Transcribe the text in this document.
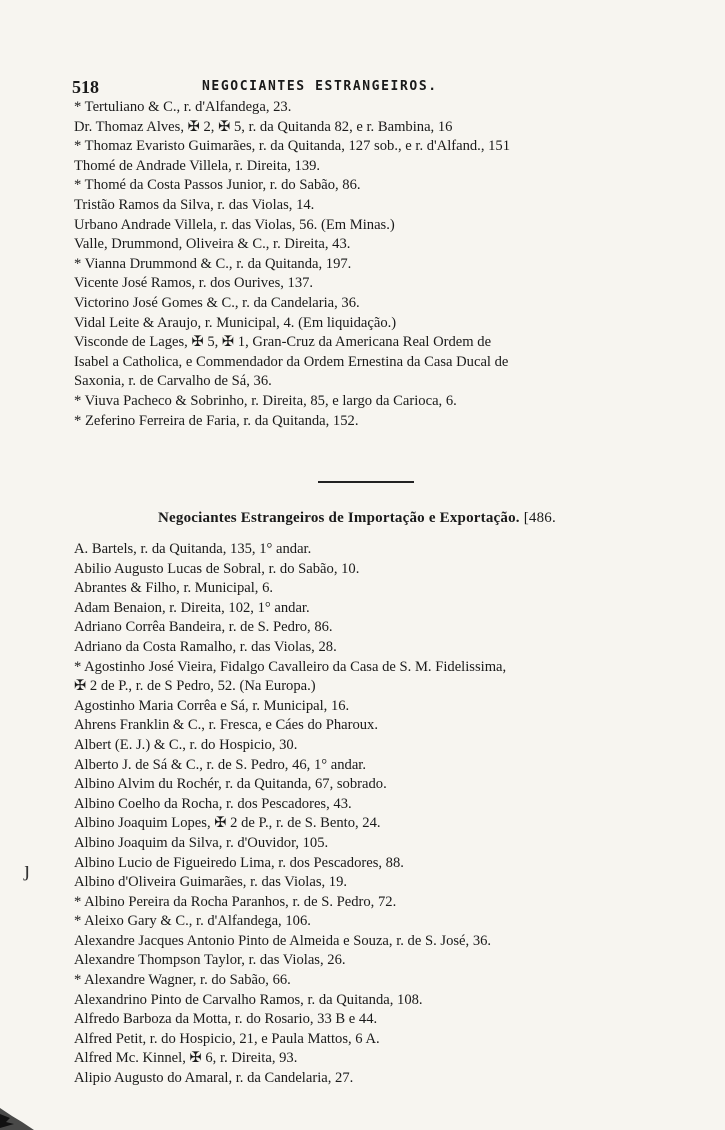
518	NEGOCIANTES ESTRANGEIROS.
* Tertuliano & C., r. d'Alfandega, 23.
Dr. Thomaz Alves, ✠ 2, ✠ 5, r. da Quitanda 82, e r. Bambina, 16
* Thomaz Evaristo Guimarães, r. da Quitanda, 127 sob., e r. d'Alfand., 151
Thomé de Andrade Villela, r. Direita, 139.
* Thomé da Costa Passos Junior, r. do Sabão, 86.
Tristão Ramos da Silva, r. das Violas, 14.
Urbano Andrade Villela, r. das Violas, 56. (Em Minas.)
Valle, Drummond, Oliveira & C., r. Direita, 43.
* Vianna Drummond & C., r. da Quitanda, 197.
Vicente José Ramos, r. dos Ourives, 137.
Victorino José Gomes & C., r. da Candelaria, 36.
Vidal Leite & Araujo, r. Municipal, 4. (Em liquidação.)
Visconde de Lages, ✠ 5, ✠ 1, Gran-Cruz da Americana Real Ordem de
Isabel a Catholica, e Commendador da Ordem Ernestina da Casa Ducal de
Saxonia, r. de Carvalho de Sá, 36.
* Viuva Pacheco & Sobrinho, r. Direita, 85, e largo da Carioca, 6.
* Zeferino Ferreira de Faria, r. da Quitanda, 152.
Negociantes Estrangeiros de Importação e Exportação. [486.
A. Bartels, r. da Quitanda, 135, 1° andar.
Abilio Augusto Lucas de Sobral, r. do Sabão, 10.
Abrantes & Filho, r. Municipal, 6.
Adam Benaion, r. Direita, 102, 1° andar.
Adriano Corrêa Bandeira, r. de S. Pedro, 86.
Adriano da Costa Ramalho, r. das Violas, 28.
* Agostinho José Vieira, Fidalgo Cavalleiro da Casa de S. M. Fidelissima,
✠ 2 de P., r. de S Pedro, 52. (Na Europa.)
Agostinho Maria Corrêa e Sá, r. Municipal, 16.
Ahrens Franklin & C., r. Fresca, e Cáes do Pharoux.
Albert (E. J.) & C., r. do Hospicio, 30.
Alberto J. de Sá & C., r. de S. Pedro, 46, 1° andar.
Albino Alvim du Rochér, r. da Quitanda, 67, sobrado.
Albino Coelho da Rocha, r. dos Pescadores, 43.
Albino Joaquim Lopes, ✠ 2 de P., r. de S. Bento, 24.
Albino Joaquim da Silva, r. d'Ouvidor, 105.
Albino Lucio de Figueiredo Lima, r. dos Pescadores, 88.
Albino d'Oliveira Guimarães, r. das Violas, 19.
* Albino Pereira da Rocha Paranhos, r. de S. Pedro, 72.
* Aleixo Gary & C., r. d'Alfandega, 106.
Alexandre Jacques Antonio Pinto de Almeida e Souza, r. de S. José, 36.
Alexandre Thompson Taylor, r. das Violas, 26.
* Alexandre Wagner, r. do Sabão, 66.
Alexandrino Pinto de Carvalho Ramos, r. da Quitanda, 108.
Alfredo Barboza da Motta, r. do Rosario, 33 B e 44.
Alfred Petit, r. do Hospicio, 21, e Paula Mattos, 6 A.
Alfred Mc. Kinnel, ✠ 6, r. Direita, 93.
Alipio Augusto do Amaral, r. da Candelaria, 27.
ȷ
